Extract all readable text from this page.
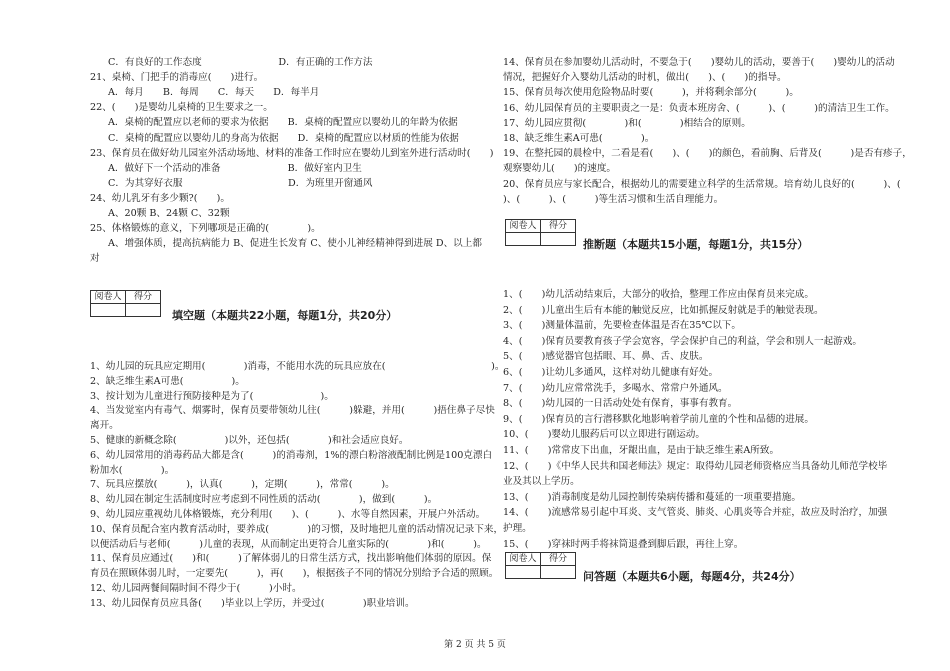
C．有良好的工作态度　　　　　　　　D．有正确的工作方法
21、桌椅、门把手的消毒应(　　)进行。
A．每月　　B．每周　　C．每天　　D．每半月
22、(　　)是婴幼儿桌椅的卫生要求之一。
A．桌椅的配置应以老师的要求为依据　　B．桌椅的配置应以婴幼儿的年龄为依据
C．桌椅的配置应以婴幼儿的身高为依据　　D．桌椅的配置应以材质的性能为依据
23、保育员在做好幼儿园室外活动场地、材料的准备工作时应在婴幼儿到室外进行活动时(　　)
A．做好下一个活动的准备　　　　　　　B．做好室内卫生
C．为其穿好衣服　　　　　　　　　　　D．为班里开窗通风
24、幼儿乳牙有多少颗?(　　)。
A、20颗 B、24颗 C、32颗
25、体格锻炼的意义，下列哪项是正确的(　　　　)。
A、增强体质，提高抗病能力 B、促进生长发育 C、使小儿神经精神得到进展 D、以上都
对
阅卷人	得分

填空题（本题共22小题，每题1分，共20分）
1、幼儿园的玩具应定期用(　　　　)消毒，不能用水洗的玩具应放在(　　　　　　　　　　　)。
2、缺乏维生素A可患(　　　　　)。
3、按计划为儿童进行预防接种是为了(　　　　　　　)。
4、当发觉室内有毒气、烟雾时，保育员要带领幼儿往(　　　)躲避，并用(　　　)捂住鼻子尽快
离开。
5、健康的新概念除(　　　　　)以外，还包括(　　　　)和社会适应良好。
6、幼儿园常用的消毒药品大都是含(　　　)的消毒剂，1%的漂白粉溶液配制比例是100克漂白
粉加水(　　　　)。
7、玩具应摆放(　　　)，认真(　　　)，定期(　　　)，常常(　　　)。
8、幼儿园在制定生活制度时应考虑到不同性质的活动(　　　　)，做到(　　　)。
9、幼儿园应重视幼儿体格锻炼，充分利用(　　)、(　　　)、水等自然因素，开展户外活动。
10、保育员配合室内教育活动时，要养成(　　　　)的习惯，及时地把儿童的活动情况记录下来，
以便活动后与老师(　　　)儿童的表现，从而制定出更符合儿童实际的(　　　　)和(　　　)。
11、保育员应通过(　　)和(　　　)了解体弱儿的日常生活方式，找出影响他们体弱的原因。保
育员在照顾体弱儿时，一定要先(　　　)，再(　　)，根据孩子不同的情况分别给予合适的照顾。
12、幼儿园两餐间隔时间不得少于(　　　)小时。
13、幼儿园保育员应具备(　　)毕业以上学历，并受过(　　　　)职业培训。
14、保育员在参加婴幼儿活动时，不要急于(　　)婴幼儿的活动，要善于(　　)婴幼儿的活动
情况，把握好介入婴幼儿活动的时机，做出(　　)、(　　)的指导。
15、保育员每次使用危险物品时要(　　　)，并将剩余部分(　　　)。
16、幼儿园保育员的主要职责之一是：负责本班房舍、(　　　)、(　　　)的清洁卫生工作。
17、幼儿园应贯彻(　　　　)和(　　　　)相结合的原则。
18、缺乏维生素A可患(　　　　)。
19、在整托园的晨检中，二看是看(　　)、(　　)的颜色，看前胸、后背及(　　　)是否有疹子，
观察婴幼儿(　　)的速度。
20、保育员应与家长配合，根据幼儿的需要建立科学的生活常规。培育幼儿良好的(　　　)、(　　
)、(　　　)、(　　　)等生活习惯和生活自理能力。
阅卷人	得分

推断题（本题共15小题，每题1分，共15分）
1、(　　)幼儿活动结束后，大部分的收拾，整理工作应由保育员来完成。
2、(　　)儿童出生后有本能的触觉反应，比如抓握反射就是手的触觉表现。
3、(　　)测量体温前，先要检查体温是否在35℃以下。
4、(　　)保育员要教育孩子学会宽容，学会保护自己的利益，学会和别人一起游戏。
5、(　　)感觉器官包括眼、耳、鼻、舌、皮肤。
6、(　　)让幼儿多通风，这样对幼儿健康有好处。
7、(　　)幼儿应常常洗手，多喝水、常常户外通风。
8、(　　)幼儿园的一日活动处处有保育，事事有教育。
9、(　　)保育员的言行潜移默化地影响着学前儿童的个性和品德的进展。
10、(　　)婴幼儿服药后可以立即进行剧运动。
11、(　　)常常皮下出血，牙龈出血，是由于缺乏维生素A所致。
12、(　　)《中华人民共和国老师法》规定：取得幼儿园老师资格应当具备幼儿师范学校毕
业及其以上学历。
13、(　　)消毒制度是幼儿园控制传染病传播和蔓延的一项重要措施。
14、(　　)流感常易引起中耳炎、支气管炎、肺炎、心肌炎等合并症，故应及时治疗，加强
护理。
15、(　　)穿袜时两手将袜筒退叠到脚后跟，再往上穿。
阅卷人	得分

问答题（本题共6小题，每题4分，共24分）
第 2 页 共 5 页
